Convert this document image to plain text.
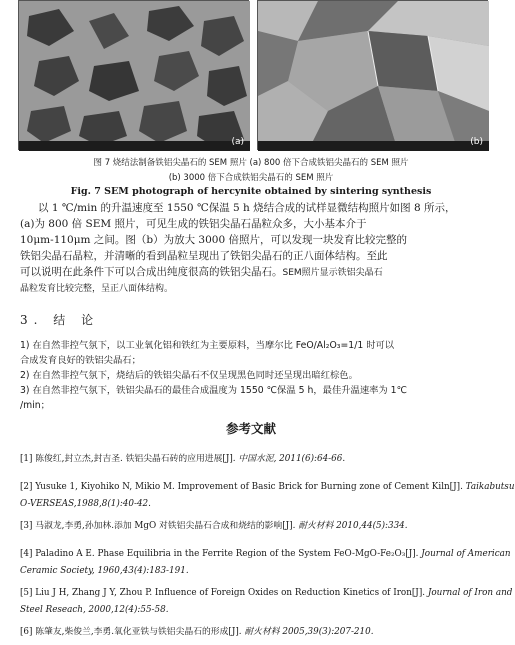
(a)	(b)
图 7 烧结法制备铁铝尖晶石的 SEM 照片 (a) 800 倍下合成铁铝尖晶石的 SEM 照片
(b) 3000 倍下合成铁铝尖晶石的 SEM 照片
Fig. 7 SEM photograph of hercynite obtained by sintering synthesis
以 1 ℃/min 的升温速度至 1550 ℃保温 5 h 烧结合成的试样显微结构照片如图 8 所示，
(a)为 800 倍 SEM 照片，可见生成的铁铝尖晶石晶粒众多，大小基本介于
10μm-110μm 之间。图（b）为放大 3000 倍照片，可以发现一块发育比较完整的
铁铝尖晶石晶粒，并清晰的看到晶粒呈现出了铁铝尖晶石的正八面体结构。至此
可以说明在此条件下可以合成出纯度很高的铁铝尖晶石。SEM照片显示铁铝尖晶石
晶粒发育比较完整，呈正八面体结构。
3. 结 论
1) 在自然非控气氛下，以工业氧化铝和铁红为主要原料，当摩尔比 FeO/Al₂O₃=1/1 时可以
合成发育良好的铁铝尖晶石；
2) 在自然非控气氛下，烧结后的铁铝尖晶石不仅呈现黑色同时还呈现出暗红棕色。
3) 在自然非控气氛下，铁铝尖晶石的最佳合成温度为 1550 ℃保温 5 h，最佳升温速率为 1℃
/min；
参考文献
[1] 陈俊红,封立杰,封吉圣. 铁铝尖晶石砖的应用进展[J]. 中国水泥, 2011(6):64-66.
[2] Yusuke 1, Kiyohiko N, Mikio M. Improvement of Basic Brick for Burning zone of Cement Kiln[J]. Taikabutsu
O-VERSEAS,1988,8(1):40-42.
[3] 马淑龙,李勇,孙加林.添加 MgO 对铁铝尖晶石合成和烧结的影响[J]. 耐火材料 2010,44(5):334.
[4] Paladino A E. Phase Equilibria in the Ferrite Region of the System FeO-MgO-Fe₂O₃[J]. Journal of American
Ceramic Society, 1960,43(4):183-191.
[5] Liu J H, Zhang J Y, Zhou P. Influence of Foreign Oxides on Reduction Kinetics of Iron[J]. Journal of Iron and
Steel Reseach, 2000,12(4):55-58.
[6] 陈肇友,柴俊兰,李勇.氧化亚铁与铁铝尖晶石的形成[J]. 耐火材料 2005,39(3):207-210.
